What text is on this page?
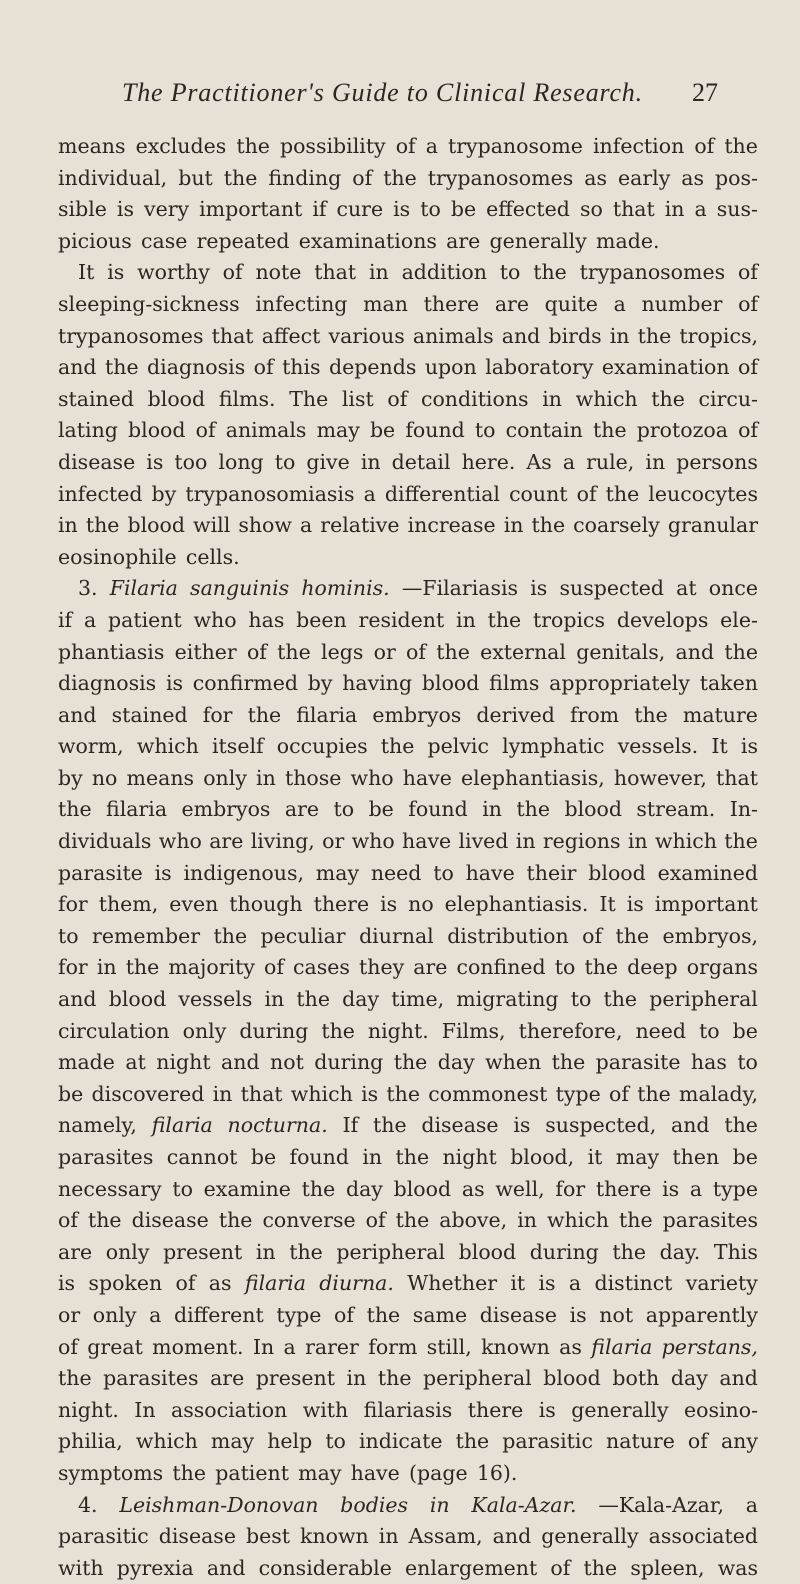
The Practitioner's Guide to Clinical Research. 27
means excludes the possibility of a trypanosome infection of the
individual, but the finding of the trypanosomes as early as pos-
sible is very important if cure is to be effected so that in a sus-
picious case repeated examinations are generally made.
It is worthy of note that in addition to the trypanosomes of
sleeping-sickness infecting man there are quite a number of
trypanosomes that affect various animals and birds in the tropics,
and the diagnosis of this depends upon laboratory examination of
stained blood films. The list of conditions in which the circu-
lating blood of animals may be found to contain the protozoa of
disease is too long to give in detail here. As a rule, in persons
infected by trypanosomiasis a differential count of the leucocytes
in the blood will show a relative increase in the coarsely granular
eosinophile cells.
3. Filaria sanguinis hominis. —Filariasis is suspected at once
if a patient who has been resident in the tropics develops ele-
phantiasis either of the legs or of the external genitals, and the
diagnosis is confirmed by having blood films appropriately taken
and stained for the filaria embryos derived from the mature
worm, which itself occupies the pelvic lymphatic vessels. It is
by no means only in those who have elephantiasis, however, that
the filaria embryos are to be found in the blood stream. In-
dividuals who are living, or who have lived in regions in which the
parasite is indigenous, may need to have their blood examined
for them, even though there is no elephantiasis. It is important
to remember the peculiar diurnal distribution of the embryos,
for in the majority of cases they are confined to the deep organs
and blood vessels in the day time, migrating to the peripheral
circulation only during the night. Films, therefore, need to be
made at night and not during the day when the parasite has to
be discovered in that which is the commonest type of the malady,
namely, filaria nocturna. If the disease is suspected, and the
parasites cannot be found in the night blood, it may then be
necessary to examine the day blood as well, for there is a type
of the disease the converse of the above, in which the parasites
are only present in the peripheral blood during the day. This
is spoken of as filaria diurna. Whether it is a distinct variety
or only a different type of the same disease is not apparently
of great moment. In a rarer form still, known as filaria perstans,
the parasites are present in the peripheral blood both day and
night. In association with filariasis there is generally eosino-
philia, which may help to indicate the parasitic nature of any
symptoms the patient may have (page 16).
4. Leishman-Donovan bodies in Kala-Azar. —Kala-Azar, a
parasitic disease best known in Assam, and generally associated
with pyrexia and considerable enlargement of the spleen, was
